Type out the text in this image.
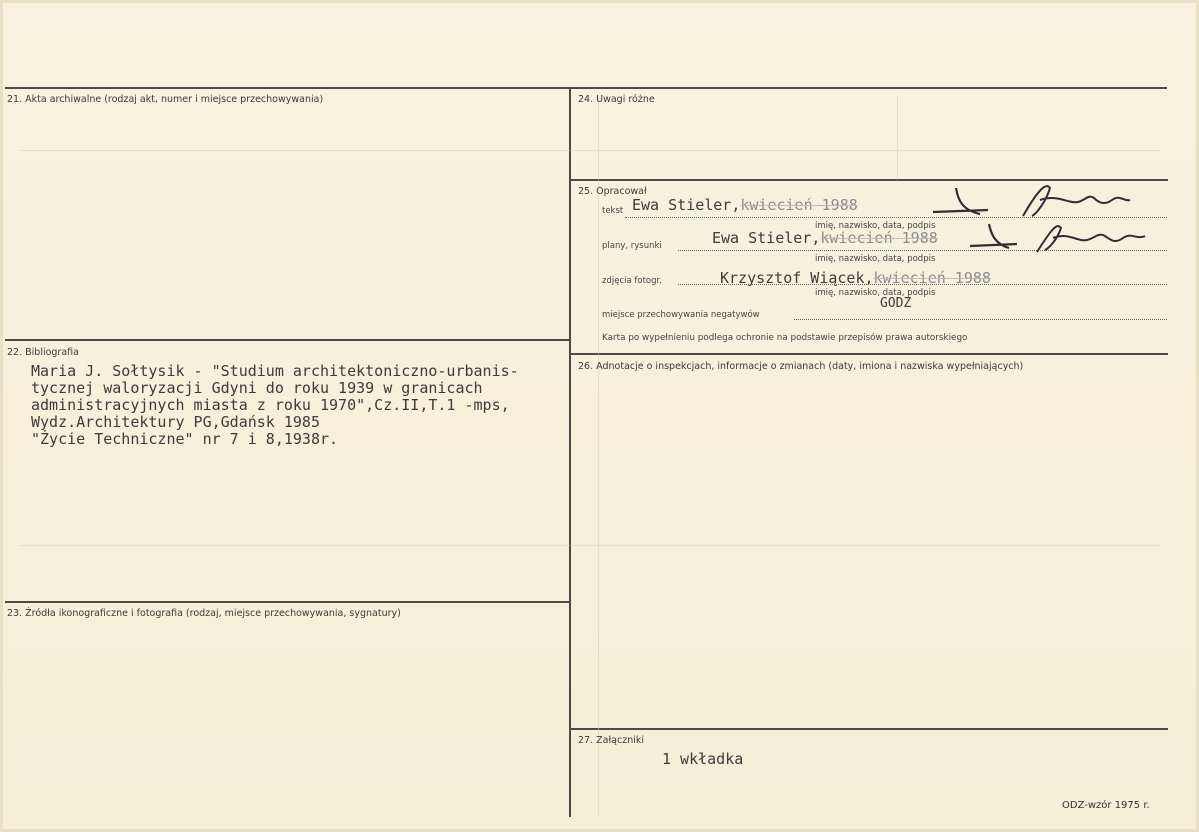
21. Akta archiwalne (rodzaj akt, numer i miejsce przechowywania)
22. Bibliografia
Maria J. Sołtysik - "Studium architektoniczno-urbanis-
tycznej waloryzacji Gdyni do roku 1939 w granicach
administracyjnych miasta z roku 1970",Cz.II,T.1 -mps,
Wydz.Architektury PG,Gdańsk 1985
"Życie Techniczne" nr 7 i 8,1938r.
23. Źródła ikonograficzne i fotografia (rodzaj, miejsce przechowywania, sygnatury)
24. Uwagi różne
25. Opracował
tekst Ewa Stieler,kwiecień 1988
imię, nazwisko, data, podpis
plany, rysunki	Ewa Stieler,kwiecień 1988
imię, nazwisko, data, podpis
zdjęcia fotogr.	Krzysztof Wiącek,kwiecień 1988
imię, nazwisko, data, podpis
GODZ
miejsce przechowywania negatywów
Karta po wypełnieniu podlega ochronie na podstawie przepisów prawa autorskiego
26. Adnotacje o inspekcjach, informacje o zmianach (daty, imiona i nazwiska wypełniających)
27. Załączniki
1 wkładka
ODZ-wzór 1975 r.
